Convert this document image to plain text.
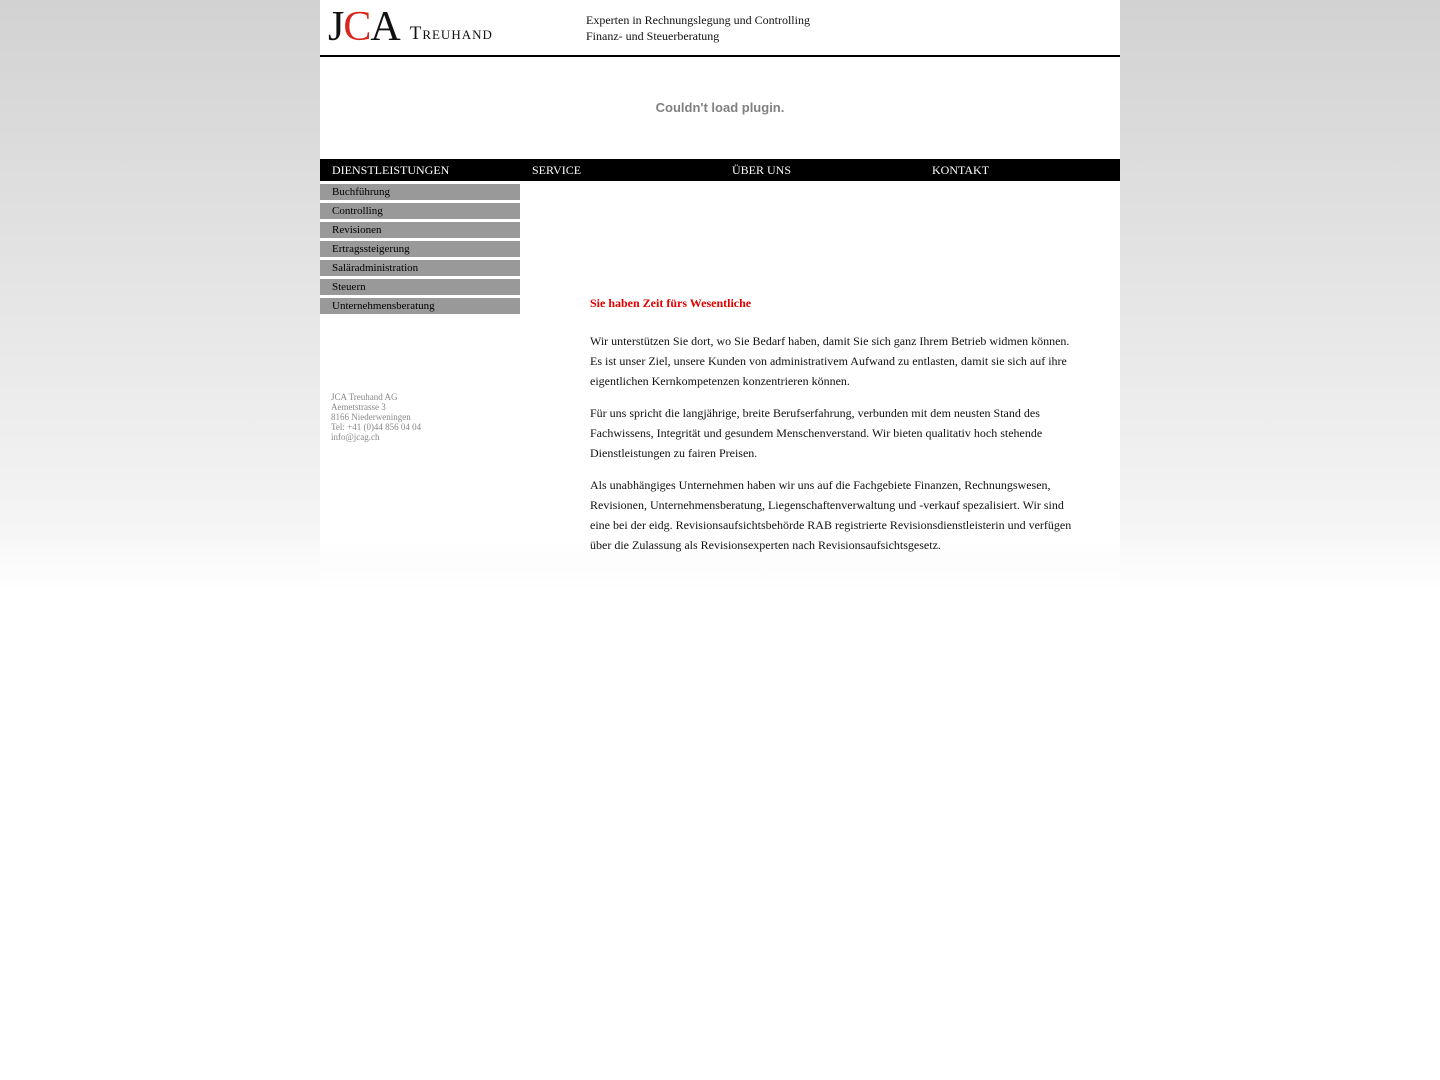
JCA Treuhand
Experten in Rechnungslegung und Controlling
Finanz- und Steuerberatung
Couldn't load plugin.
DIENSTLEISTUNGEN	SERVICE	ÜBER UNS	KONTAKT
Buchführung
Controlling
Revisionen
Ertragssteigerung
Saläradministration
Steuern
Unternehmensberatung
JCA Treuhand AG
Aemetstrasse 3
8166 Niederweningen
Tel: +41 (0)44 856 04 04
info@jcag.ch
Sie haben Zeit fürs Wesentliche

Wir unterstützen Sie dort, wo Sie Bedarf haben, damit Sie sich ganz Ihrem Betrieb widmen können. Es ist unser Ziel, unsere Kunden von administrativem Aufwand zu entlasten, damit sie sich auf ihre eigentlichen Kernkompetenzen konzentrieren können.

Für uns spricht die langjährige, breite Berufserfahrung, verbunden mit dem neusten Stand des Fachwissens, Integrität und gesundem Menschenverstand. Wir bieten qualitativ hoch stehende Dienstleistungen zu fairen Preisen.

Als unabhängiges Unternehmen haben wir uns auf die Fachgebiete Finanzen, Rechnungswesen, Revisionen, Unternehmensberatung, Liegenschaftenverwaltung und -verkauf spezalisiert. Wir sind eine bei der eidg. Revisionsaufsichtsbehörde RAB registrierte Revisionsdienstleisterin und verfügen über die Zulassung als Revisionsexperten nach Revisionsaufsichtsgesetz.
